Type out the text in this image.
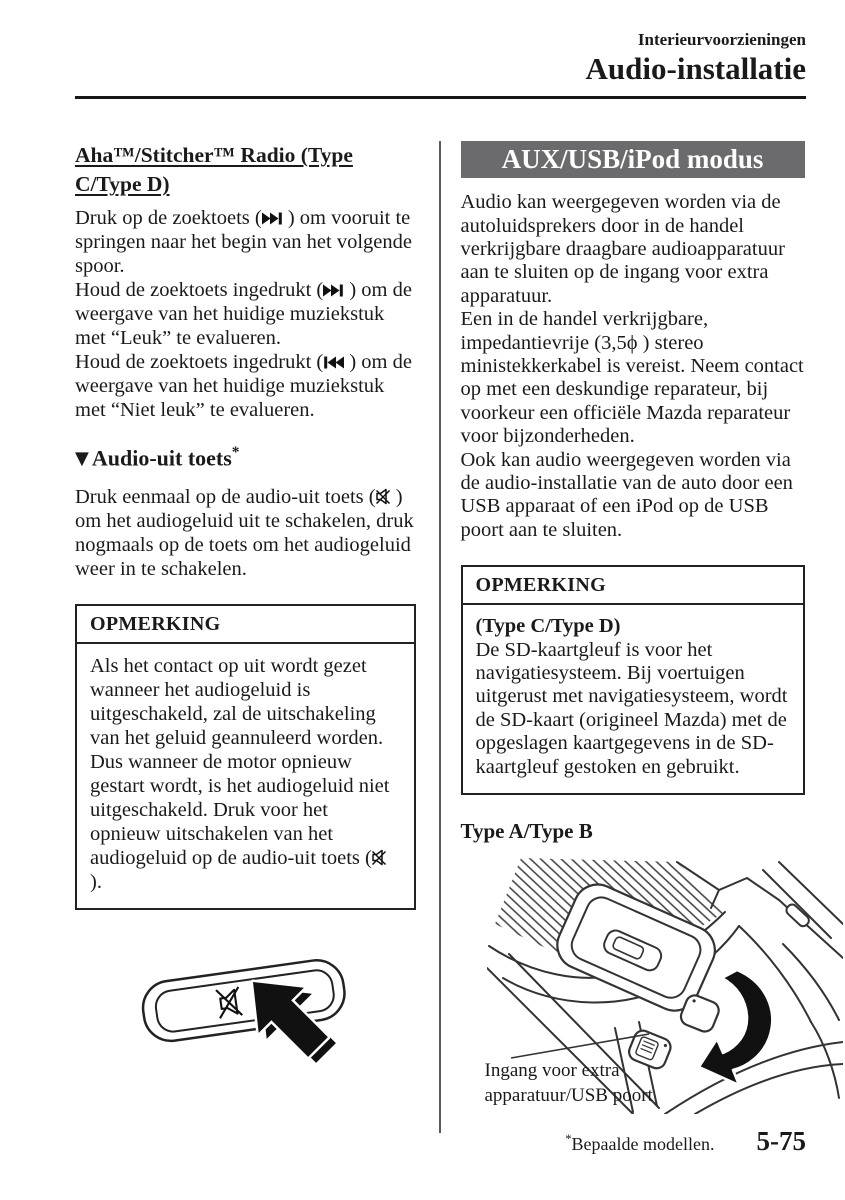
Interieurvoorzieningen
Audio-installatie
Aha™/Stitcher™ Radio (Type C/Type D)

Druk op de zoektoets (
) om vooruit te springen naar het begin van het volgende spoor.

Houd de zoektoets ingedrukt (
) om de weergave van het huidige muziekstuk met “Leuk” te evalueren.

Houd de zoektoets ingedrukt (
) om de weergave van het huidige muziekstuk met “Niet leuk” te evalueren.

▼ Audio-uit toets*

Druk eenmaal op de audio-uit toets (
) om het audiogeluid uit te schakelen, druk nogmaals op de toets om het audiogeluid weer in te schakelen.

OPMERKING
Als het contact op uit wordt gezet wanneer het audiogeluid is uitgeschakeld, zal de uitschakeling van het geluid geannuleerd worden. Dus wanneer de motor opnieuw gestart wordt, is het audiogeluid niet uitgeschakeld. Druk voor het opnieuw uitschakelen van het audiogeluid op de audio-uit toets (
).
AUX/USB/iPod modus

Audio kan weergegeven worden via de autoluidsprekers door in de handel verkrijgbare draagbare audioapparatuur aan te sluiten op de ingang voor extra apparatuur.

Een in de handel verkrijgbare, impedantievrije (3,5ϕ ) stereo ministekkerkabel is vereist. Neem contact op met een deskundige reparateur, bij voorkeur een officiële Mazda reparateur voor bijzonderheden.

Ook kan audio weergegeven worden via de audio-installatie van de auto door een USB apparaat of een iPod op de USB poort aan te sluiten.

OPMERKING
(Type C/Type D)
De SD-kaartgleuf is voor het navigatiesysteem. Bij voertuigen uitgerust met navigatiesysteem, wordt de SD-kaart (origineel Mazda) met de opgeslagen kaartgegevens in de SD-kaartgleuf gestoken en gebruikt.
Type A/Type B
Ingang voor extra apparatuur/USB poort
*Bepaalde modellen. 5-75
